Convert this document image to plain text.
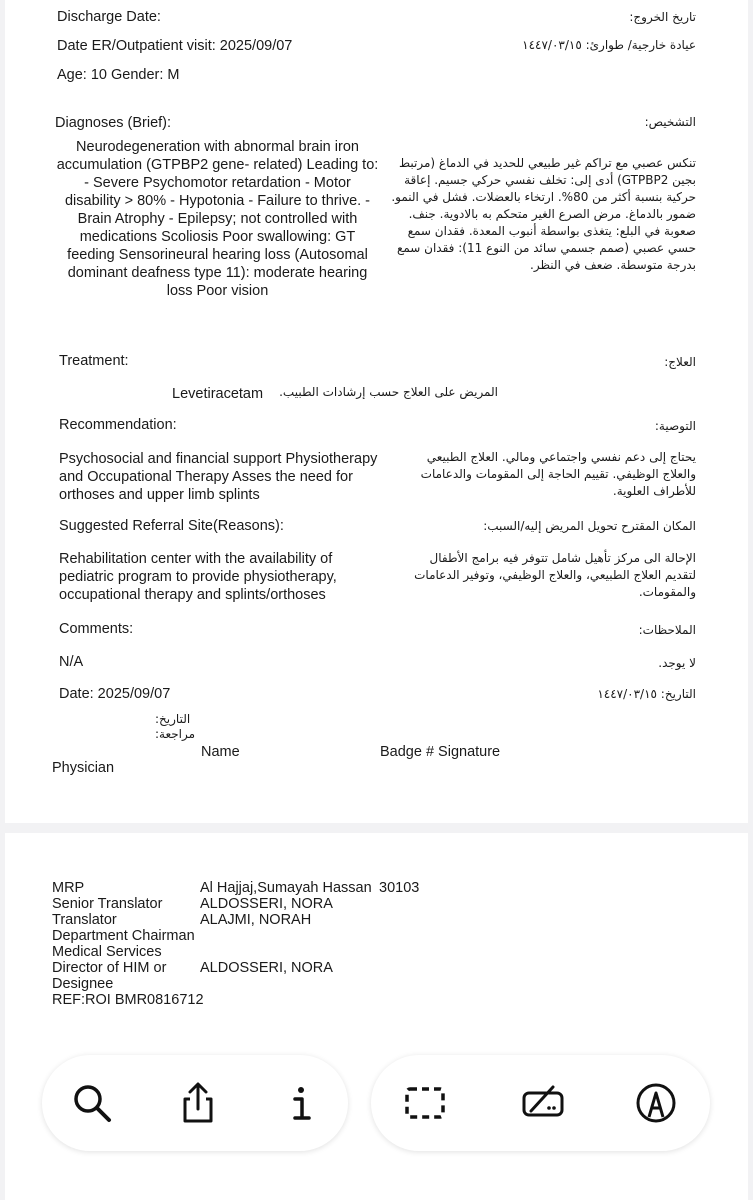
Discharge Date:	تاريخ الخروج:
Date ER/Outpatient visit: 2025/09/07	عيادة خارجية/ طوارئ: ١٤٤٧/٠٣/١٥
Age: 10 Gender: M
Diagnoses (Brief):	التشخيص:
Neurodegeneration with abnormal brain iron accumulation (GTPBP2 gene- related) Leading to: - Severe Psychomotor retardation - Motor disability > 80% - Hypotonia - Failure to thrive. - Brain Atrophy - Epilepsy; not controlled with medications Scoliosis Poor swallowing: GT feeding Sensorineural hearing loss (Autosomal dominant deafness type 11): moderate hearing loss Poor vision
تنكس عصبي مع تراكم غير طبيعي للحديد في الدماغ (مرتبط بجين GTPBP2) أدى إلى: تخلف نفسي حركي جسيم. إعاقة حركية بنسبة أكثر من 80%. ارتخاء بالعضلات. فشل في النمو. ضمور بالدماغ. مرض الصرع الغير متحكم به بالادوية. جنف. صعوبة في البلع: يتغذى بواسطة أنبوب المعدة. فقدان سمع حسي عصبي (صمم جسمي سائد من النوع 11): فقدان سمع بدرجة متوسطة. ضعف في النظر.
Treatment:	العلاج:
Levetiracetam المريض على العلاج حسب إرشادات الطبيب.
Recommendation:	التوصية:
Psychosocial and financial support Physiotherapy and Occupational Therapy Asses the need for orthoses and upper limb splints
يحتاج إلى دعم نفسي واجتماعي ومالي. العلاج الطبيعي والعلاج الوظيفي. تقييم الحاجة إلى المقومات والدعامات للأطراف العلوية.
Suggested Referral Site(Reasons):	المكان المقترح تحويل المريض إليه/السبب:
Rehabilitation center with the availability of pediatric program to provide physiotherapy, occupational therapy and splints/orthoses
الإحالة الى مركز تأهيل شامل تتوفر فيه برامج الأطفال لتقديم العلاج الطبيعي، والعلاج الوظيفي، وتوفير الدعامات والمقومات.
Comments:	الملاحظات:
N/A	لا يوجد.
Date: 2025/09/07	التاريخ: ١٤٤٧/٠٣/١٥
التاريخ:
مراجعة:
Name	Badge # Signature
Physician
MRP	Al Hajjaj,Sumayah Hassan 30103
Senior Translator	ALDOSSERI, NORA
Translator	ALAJMI, NORAH
Department Chairman
Medical Services
Director of HIM or ALDOSSERI, NORA
Designee
REF:ROI BMR0816712
